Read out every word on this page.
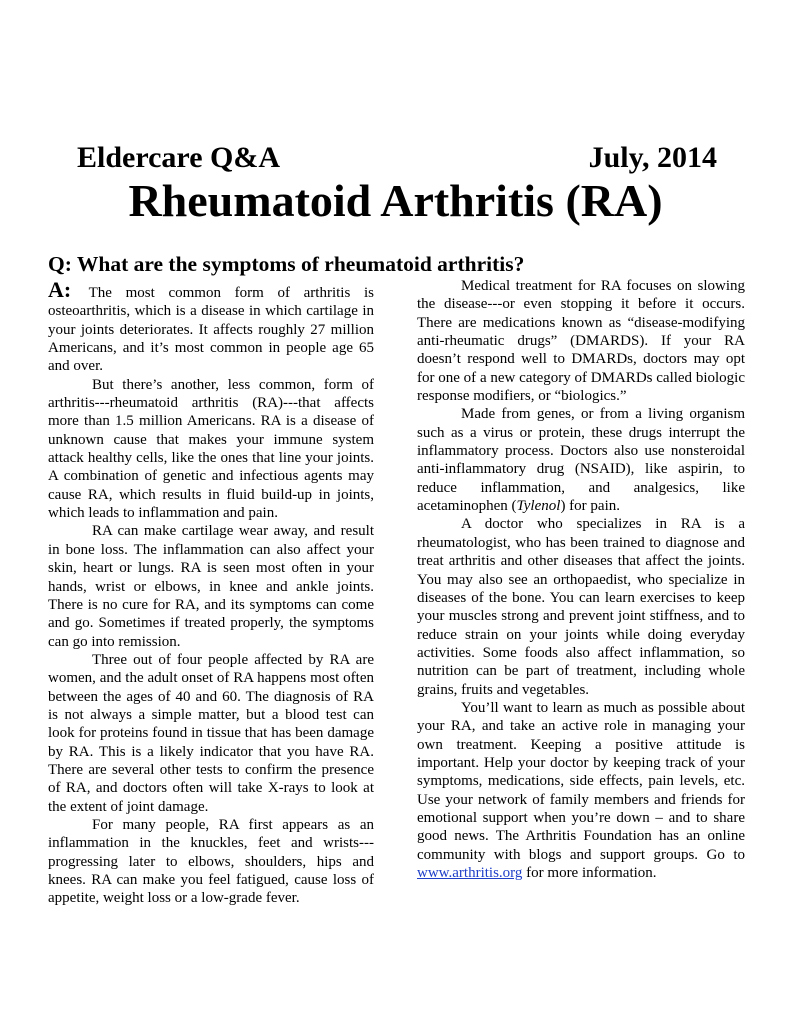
Eldercare Q&A	July, 2014
Rheumatoid Arthritis (RA)
Q: What are the symptoms of rheumatoid arthritis?

A: The most common form of arthritis is osteoarthritis, which is a disease in which cartilage in your joints deteriorates. It affects roughly 27 million Americans, and it’s most common in people age 65 and over.

But there’s another, less common, form of arthritis---rheumatoid arthritis (RA)---that affects more than 1.5 million Americans. RA is a disease of unknown cause that makes your immune system attack healthy cells, like the ones that line your joints. A combination of genetic and infectious agents may cause RA, which results in fluid build-up in joints, which leads to inflammation and pain.

RA can make cartilage wear away, and result in bone loss. The inflammation can also affect your skin, heart or lungs. RA is seen most often in your hands, wrist or elbows, in knee and ankle joints. There is no cure for RA, and its symptoms can come and go. Sometimes if treated properly, the symptoms can go into remission.

Three out of four people affected by RA are women, and the adult onset of RA happens most often between the ages of 40 and 60. The diagnosis of RA is not always a simple matter, but a blood test can look for proteins found in tissue that has been damage by RA. This is a likely indicator that you have RA. There are several other tests to confirm the presence of RA, and doctors often will take X-rays to look at the extent of joint damage.

For many people, RA first appears as an inflammation in the knuckles, feet and wrists---progressing later to elbows, shoulders, hips and knees. RA can make you feel fatigued, cause loss of appetite, weight loss or a low-grade fever.

Medical treatment for RA focuses on slowing the disease---or even stopping it before it occurs. There are medications known as “disease-modifying anti-rheumatic drugs” (DMARDS). If your RA doesn’t respond well to DMARDs, doctors may opt for one of a new category of DMARDs called biologic response modifiers, or “biologics.”

Made from genes, or from a living organism such as a virus or protein, these drugs interrupt the inflammatory process. Doctors also use nonsteroidal anti-inflammatory drug (NSAID), like aspirin, to reduce inflammation, and analgesics, like acetaminophen (Tylenol) for pain.

A doctor who specializes in RA is a rheumatologist, who has been trained to diagnose and treat arthritis and other diseases that affect the joints. You may also see an orthopaedist, who specialize in diseases of the bone. You can learn exercises to keep your muscles strong and prevent joint stiffness, and to reduce strain on your joints while doing everyday activities. Some foods also affect inflammation, so nutrition can be part of treatment, including whole grains, fruits and vegetables.

You’ll want to learn as much as possible about your RA, and take an active role in managing your own treatment. Keeping a positive attitude is important. Help your doctor by keeping track of your symptoms, medications, side effects, pain levels, etc. Use your network of family members and friends for emotional support when you’re down – and to share good news. The Arthritis Foundation has an online community with blogs and support groups. Go to www.arthritis.org for more information.
